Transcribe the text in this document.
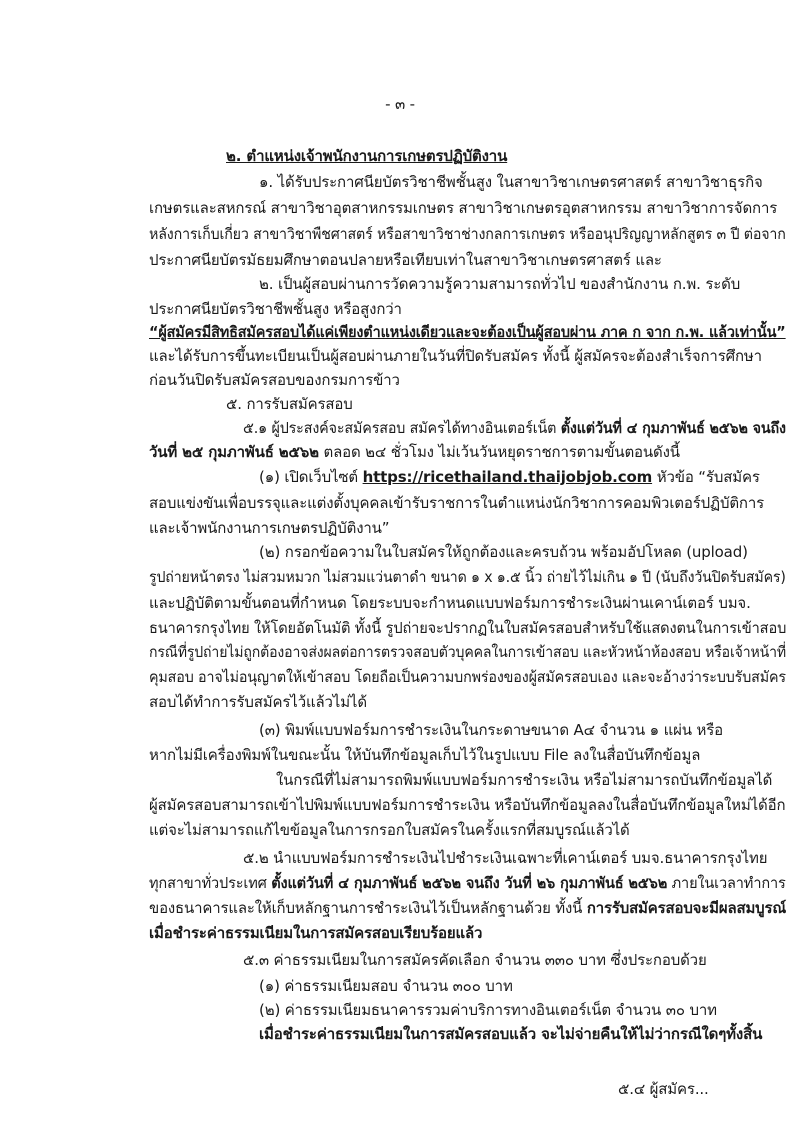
- ๓ -
๒. ตำแหน่งเจ้าพนักงานการเกษตรปฏิบัติงาน
๑. ได้รับประกาศนียบัตรวิชาชีพชั้นสูง ในสาขาวิชาเกษตรศาสตร์ สาขาวิชาธุรกิจ
เกษตรและสหกรณ์ สาขาวิชาอุตสาหกรรมเกษตร สาขาวิชาเกษตรอุตสาหกรรม สาขาวิชาการจัดการ
หลังการเก็บเกี่ยว สาขาวิชาพืชศาสตร์ หรือสาขาวิชาช่างกลการเกษตร หรืออนุปริญญาหลักสูตร ๓ ปี ต่อจาก
ประกาศนียบัตรมัธยมศึกษาตอนปลายหรือเทียบเท่าในสาขาวิชาเกษตรศาสตร์ และ
๒. เป็นผู้สอบผ่านการวัดความรู้ความสามารถทั่วไป ของสำนักงาน ก.พ. ระดับ
ประกาศนียบัตรวิชาชีพชั้นสูง หรือสูงกว่า
“ผู้สมัครมีสิทธิสมัครสอบได้แค่เพียงตำแหน่งเดียวและจะต้องเป็นผู้สอบผ่าน ภาค ก จาก ก.พ. แล้วเท่านั้น”
และได้รับการขึ้นทะเบียนเป็นผู้สอบผ่านภายในวันที่ปิดรับสมัคร ทั้งนี้ ผู้สมัครจะต้องสำเร็จการศึกษา
ก่อนวันปิดรับสมัครสอบของกรมการข้าว
๕. การรับสมัครสอบ
๕.๑ ผู้ประสงค์จะสมัครสอบ สมัครได้ทางอินเตอร์เน็ต ตั้งแต่วันที่ ๔ กุมภาพันธ์ ๒๕๖๒ จนถึง
วันที่ ๒๕ กุมภาพันธ์ ๒๕๖๒ ตลอด ๒๔ ชั่วโมง ไม่เว้นวันหยุดราชการตามขั้นตอนดังนี้
(๑) เปิดเว็บไซต์ https://ricethailand.thaijobjob.com หัวข้อ “รับสมัคร
สอบแข่งขันเพื่อบรรจุและแต่งตั้งบุคคลเข้ารับราชการในตำแหน่งนักวิชาการคอมพิวเตอร์ปฏิบัติการ
และเจ้าพนักงานการเกษตรปฏิบัติงาน”
(๒) กรอกข้อความในใบสมัครให้ถูกต้องและครบถ้วน พร้อมอัปโหลด (upload)
รูปถ่ายหน้าตรง ไม่สวมหมวก ไม่สวมแว่นตาดำ ขนาด ๑ x ๑.๕ นิ้ว ถ่ายไว้ไม่เกิน ๑ ปี (นับถึงวันปิดรับสมัคร)
และปฏิบัติตามขั้นตอนที่กำหนด โดยระบบจะกำหนดแบบฟอร์มการชำระเงินผ่านเคาน์เตอร์ บมจ.
ธนาคารกรุงไทย ให้โดยอัตโนมัติ ทั้งนี้ รูปถ่ายจะปรากฏในใบสมัครสอบสำหรับใช้แสดงตนในการเข้าสอบ
กรณีที่รูปถ่ายไม่ถูกต้องอาจส่งผลต่อการตรวจสอบตัวบุคคลในการเข้าสอบ และหัวหน้าห้องสอบ หรือเจ้าหน้าที่
คุมสอบ อาจไม่อนุญาตให้เข้าสอบ โดยถือเป็นความบกพร่องของผู้สมัครสอบเอง และจะอ้างว่าระบบรับสมัคร
สอบได้ทำการรับสมัครไว้แล้วไม่ได้
(๓) พิมพ์แบบฟอร์มการชำระเงินในกระดาษขนาด A๔ จำนวน ๑ แผ่น หรือ
หากไม่มีเครื่องพิมพ์ในขณะนั้น ให้บันทึกข้อมูลเก็บไว้ในรูปแบบ File ลงในสื่อบันทึกข้อมูล
ในกรณีที่ไม่สามารถพิมพ์แบบฟอร์มการชำระเงิน หรือไม่สามารถบันทึกข้อมูลได้
ผู้สมัครสอบสามารถเข้าไปพิมพ์แบบฟอร์มการชำระเงิน หรือบันทึกข้อมูลลงในสื่อบันทึกข้อมูลใหม่ได้อีก
แต่จะไม่สามารถแก้ไขข้อมูลในการกรอกใบสมัครในครั้งแรกที่สมบูรณ์แล้วได้
๕.๒ นำแบบฟอร์มการชำระเงินไปชำระเงินเฉพาะที่เคาน์เตอร์ บมจ.ธนาคารกรุงไทย
ทุกสาขาทั่วประเทศ ตั้งแต่วันที่ ๔ กุมภาพันธ์ ๒๕๖๒ จนถึง วันที่ ๒๖ กุมภาพันธ์ ๒๕๖๒ ภายในเวลาทำการ
ของธนาคารและให้เก็บหลักฐานการชำระเงินไว้เป็นหลักฐานด้วย ทั้งนี้ การรับสมัครสอบจะมีผลสมบูรณ์
เมื่อชำระค่าธรรมเนียมในการสมัครสอบเรียบร้อยแล้ว
๕.๓ ค่าธรรมเนียมในการสมัครคัดเลือก จำนวน ๓๓๐ บาท ซึ่งประกอบด้วย
(๑) ค่าธรรมเนียมสอบ จำนวน ๓๐๐ บาท
(๒) ค่าธรรมเนียมธนาคารรวมค่าบริการทางอินเตอร์เน็ต จำนวน ๓๐ บาท
เมื่อชำระค่าธรรมเนียมในการสมัครสอบแล้ว จะไม่จ่ายคืนให้ไม่ว่ากรณีใดๆทั้งสิ้น
๕.๔ ผู้สมัคร...
